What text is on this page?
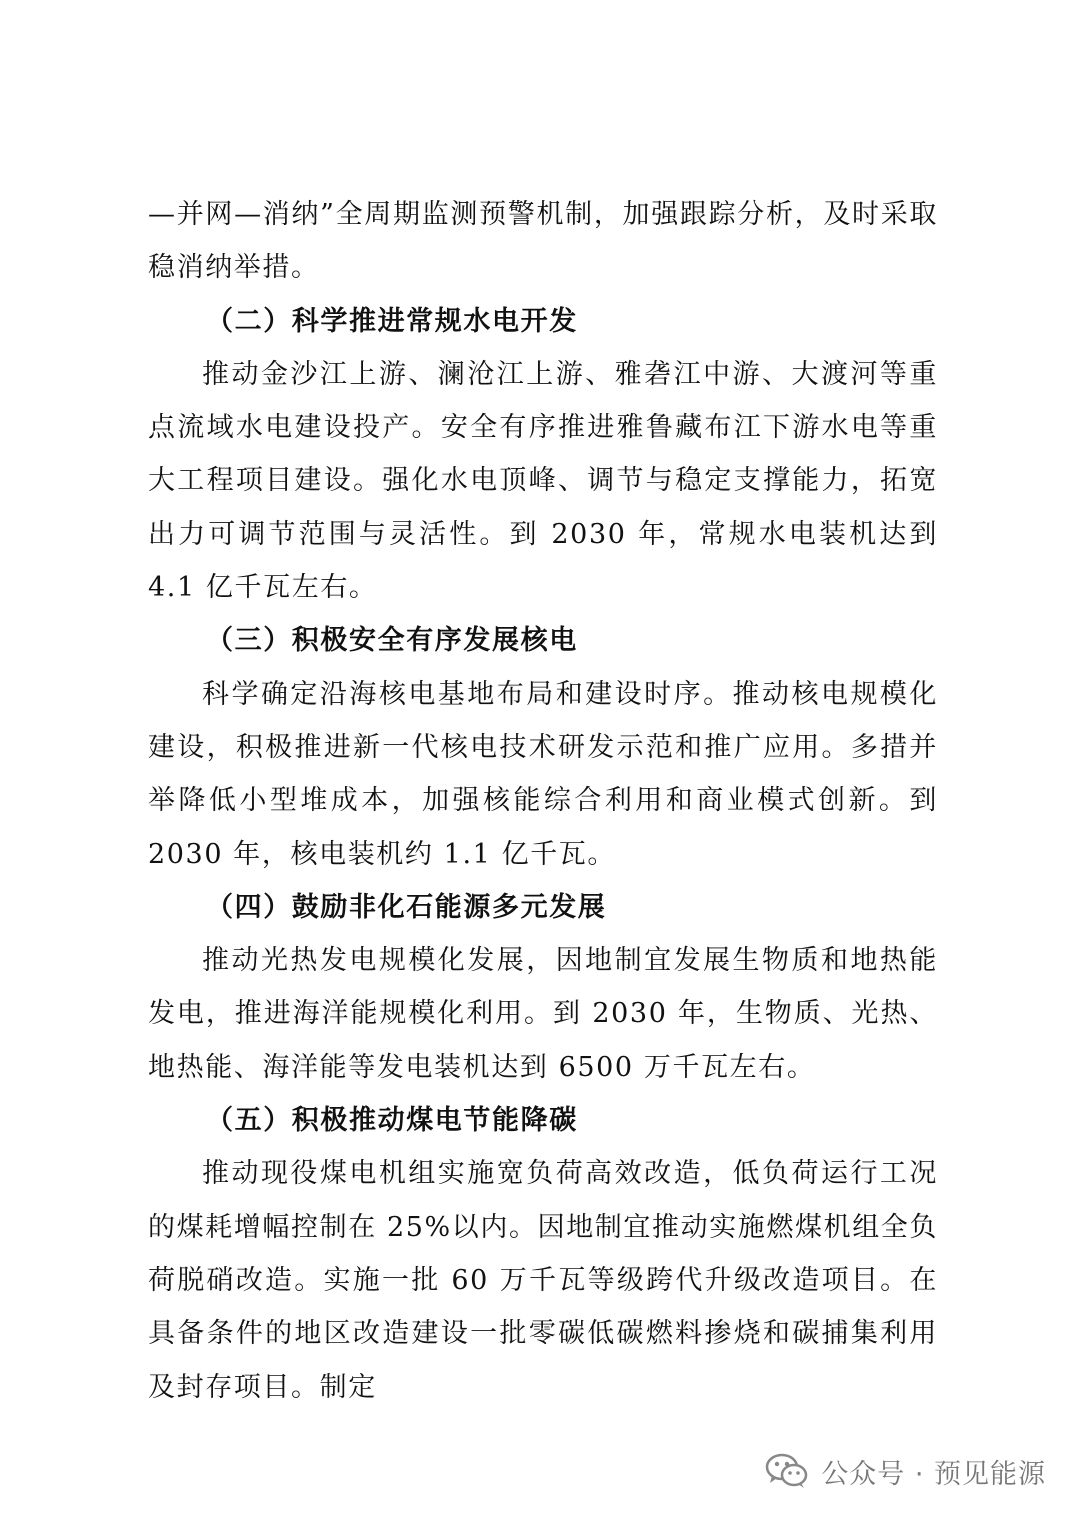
—并网—消纳”全周期监测预警机制，加强跟踪分析，及时采取稳消纳举措。

（二）科学推进常规水电开发

推动金沙江上游、澜沧江上游、雅砻江中游、大渡河等重点流域水电建设投产。安全有序推进雅鲁藏布江下游水电等重大工程项目建设。强化水电顶峰、调节与稳定支撑能力，拓宽出力可调节范围与灵活性。到 2030 年，常规水电装机达到 4.1 亿千瓦左右。

（三）积极安全有序发展核电

科学确定沿海核电基地布局和建设时序。推动核电规模化建设，积极推进新一代核电技术研发示范和推广应用。多措并举降低小型堆成本，加强核能综合利用和商业模式创新。到 2030 年，核电装机约 1.1 亿千瓦。

（四）鼓励非化石能源多元发展

推动光热发电规模化发展，因地制宜发展生物质和地热能发电，推进海洋能规模化利用。到 2030 年，生物质、光热、地热能、海洋能等发电装机达到 6500 万千瓦左右。

（五）积极推动煤电节能降碳

推动现役煤电机组实施宽负荷高效改造，低负荷运行工况的煤耗增幅控制在 25%以内。因地制宜推动实施燃煤机组全负荷脱硝改造。实施一批 60 万千瓦等级跨代升级改造项目。在具备条件的地区改造建设一批零碳低碳燃料掺烧和碳捕集利用及封存项目。制定

公众号 · 预见能源
